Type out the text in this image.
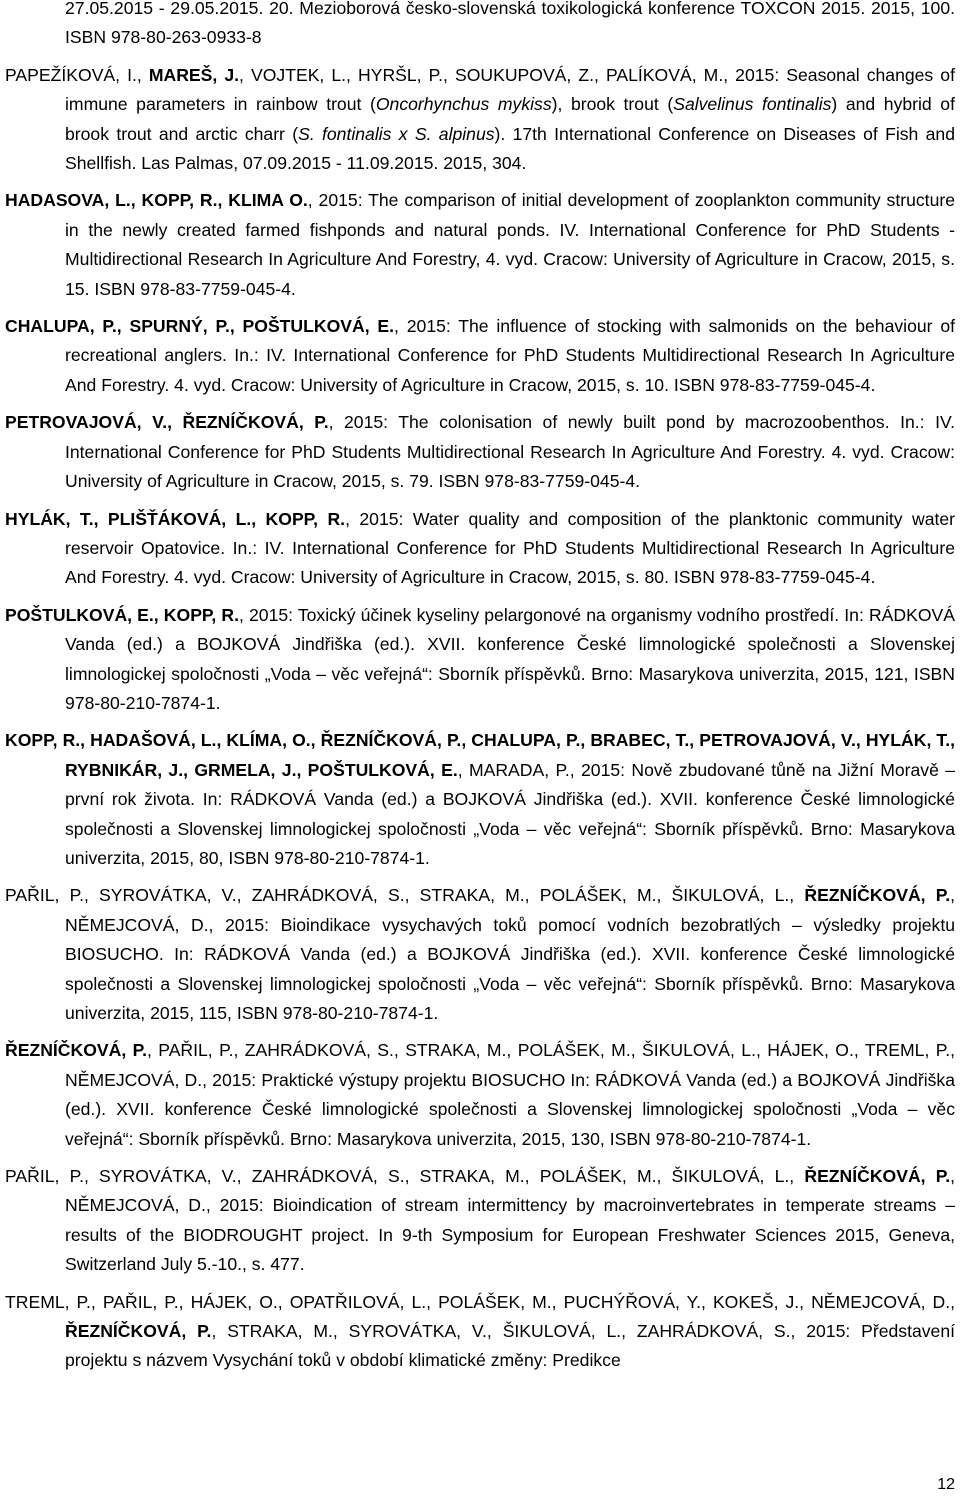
27.05.2015 - 29.05.2015. 20. Mezioborová česko-slovenská toxikologická konference TOXCON 2015. 2015, 100. ISBN 978-80-263-0933-8

PAPEŽÍKOVÁ, I., MAREŠ, J., VOJTEK, L., HYRŠL, P., SOUKUPOVÁ, Z., PALÍKOVÁ, M., 2015: Seasonal changes of immune parameters in rainbow trout (Oncorhynchus mykiss), brook trout (Salvelinus fontinalis) and hybrid of brook trout and arctic charr (S. fontinalis x S. alpinus). 17th International Conference on Diseases of Fish and Shellfish. Las Palmas, 07.09.2015 - 11.09.2015. 2015, 304.

HADASOVA, L., KOPP, R., KLIMA O., 2015: The comparison of initial development of zooplankton community structure in the newly created farmed fishponds and natural ponds. IV. International Conference for PhD Students - Multidirectional Research In Agriculture And Forestry, 4. vyd. Cracow: University of Agriculture in Cracow, 2015, s. 15. ISBN 978-83-7759-045-4.

CHALUPA, P., SPURNÝ, P., POŠTULKOVÁ, E., 2015: The influence of stocking with salmonids on the behaviour of recreational anglers. In.: IV. International Conference for PhD Students Multidirectional Research In Agriculture And Forestry. 4. vyd. Cracow: University of Agriculture in Cracow, 2015, s. 10. ISBN 978-83-7759-045-4.

PETROVAJOVÁ, V., ŘEZNÍČKOVÁ, P., 2015: The colonisation of newly built pond by macrozoobenthos. In.: IV. International Conference for PhD Students Multidirectional Research In Agriculture And Forestry. 4. vyd. Cracow: University of Agriculture in Cracow, 2015, s. 79. ISBN 978-83-7759-045-4.

HYLÁK, T., PLIŠŤÁKOVÁ, L., KOPP, R., 2015: Water quality and composition of the planktonic community water reservoir Opatovice. In.: IV. International Conference for PhD Students Multidirectional Research In Agriculture And Forestry. 4. vyd. Cracow: University of Agriculture in Cracow, 2015, s. 80. ISBN 978-83-7759-045-4.

POŠTULKOVÁ, E., KOPP, R., 2015: Toxický účinek kyseliny pelargonové na organismy vodního prostředí. In: RÁDKOVÁ Vanda (ed.) a BOJKOVÁ Jindřiška (ed.). XVII. konference České limnologické společnosti a Slovenskej limnologickej spoločnosti „Voda – věc veřejná“: Sborník příspěvků. Brno: Masarykova univerzita, 2015, 121, ISBN 978-80-210-7874-1.

KOPP, R., HADAŠOVÁ, L., KLÍMA, O., ŘEZNÍČKOVÁ, P., CHALUPA, P., BRABEC, T., PETROVAJOVÁ, V., HYLÁK, T., RYBNIKÁR, J., GRMELA, J., POŠTULKOVÁ, E., MARADA, P., 2015: Nově zbudované tůně na Jižní Moravě – první rok života. In: RÁDKOVÁ Vanda (ed.) a BOJKOVÁ Jindřiška (ed.). XVII. konference České limnologické společnosti a Slovenskej limnologickej spoločnosti „Voda – věc veřejná“: Sborník příspěvků. Brno: Masarykova univerzita, 2015, 80, ISBN 978-80-210-7874-1.

PAŘIL, P., SYROVÁTKA, V., ZAHRÁDKOVÁ, S., STRAKA, M., POLÁŠEK, M., ŠIKULOVÁ, L., ŘEZNÍČKOVÁ, P., NĚMEJCOVÁ, D., 2015: Bioindikace vysychavých toků pomocí vodních bezobratlých – výsledky projektu BIOSUCHO. In: RÁDKOVÁ Vanda (ed.) a BOJKOVÁ Jindřiška (ed.). XVII. konference České limnologické společnosti a Slovenskej limnologickej spoločnosti „Voda – věc veřejná“: Sborník příspěvků. Brno: Masarykova univerzita, 2015, 115, ISBN 978-80-210-7874-1.

ŘEZNÍČKOVÁ, P., PAŘIL, P., ZAHRÁDKOVÁ, S., STRAKA, M., POLÁŠEK, M., ŠIKULOVÁ, L., HÁJEK, O., TREML, P., NĚMEJCOVÁ, D., 2015: Praktické výstupy projektu BIOSUCHO In: RÁDKOVÁ Vanda (ed.) a BOJKOVÁ Jindřiška (ed.). XVII. konference České limnologické společnosti a Slovenskej limnologickej spoločnosti „Voda – věc veřejná“: Sborník příspěvků. Brno: Masarykova univerzita, 2015, 130, ISBN 978-80-210-7874-1.

PAŘIL, P., SYROVÁTKA, V., ZAHRÁDKOVÁ, S., STRAKA, M., POLÁŠEK, M., ŠIKULOVÁ, L., ŘEZNÍČKOVÁ, P., NĚMEJCOVÁ, D., 2015: Bioindication of stream intermittency by macroinvertebrates in temperate streams – results of the BIODROUGHT project. In 9-th Symposium for European Freshwater Sciences 2015, Geneva, Switzerland July 5.-10., s. 477.

TREML, P., PAŘIL, P., HÁJEK, O., OPATŘILOVÁ, L., POLÁŠEK, M., PUCHÝŘOVÁ, Y., KOKEŠ, J., NĚMEJCOVÁ, D., ŘEZNÍČKOVÁ, P., STRAKA, M., SYROVÁTKA, V., ŠIKULOVÁ, L., ZAHRÁDKOVÁ, S., 2015: Představení projektu s názvem Vysychání toků v období klimatické změny: Predikce

12
